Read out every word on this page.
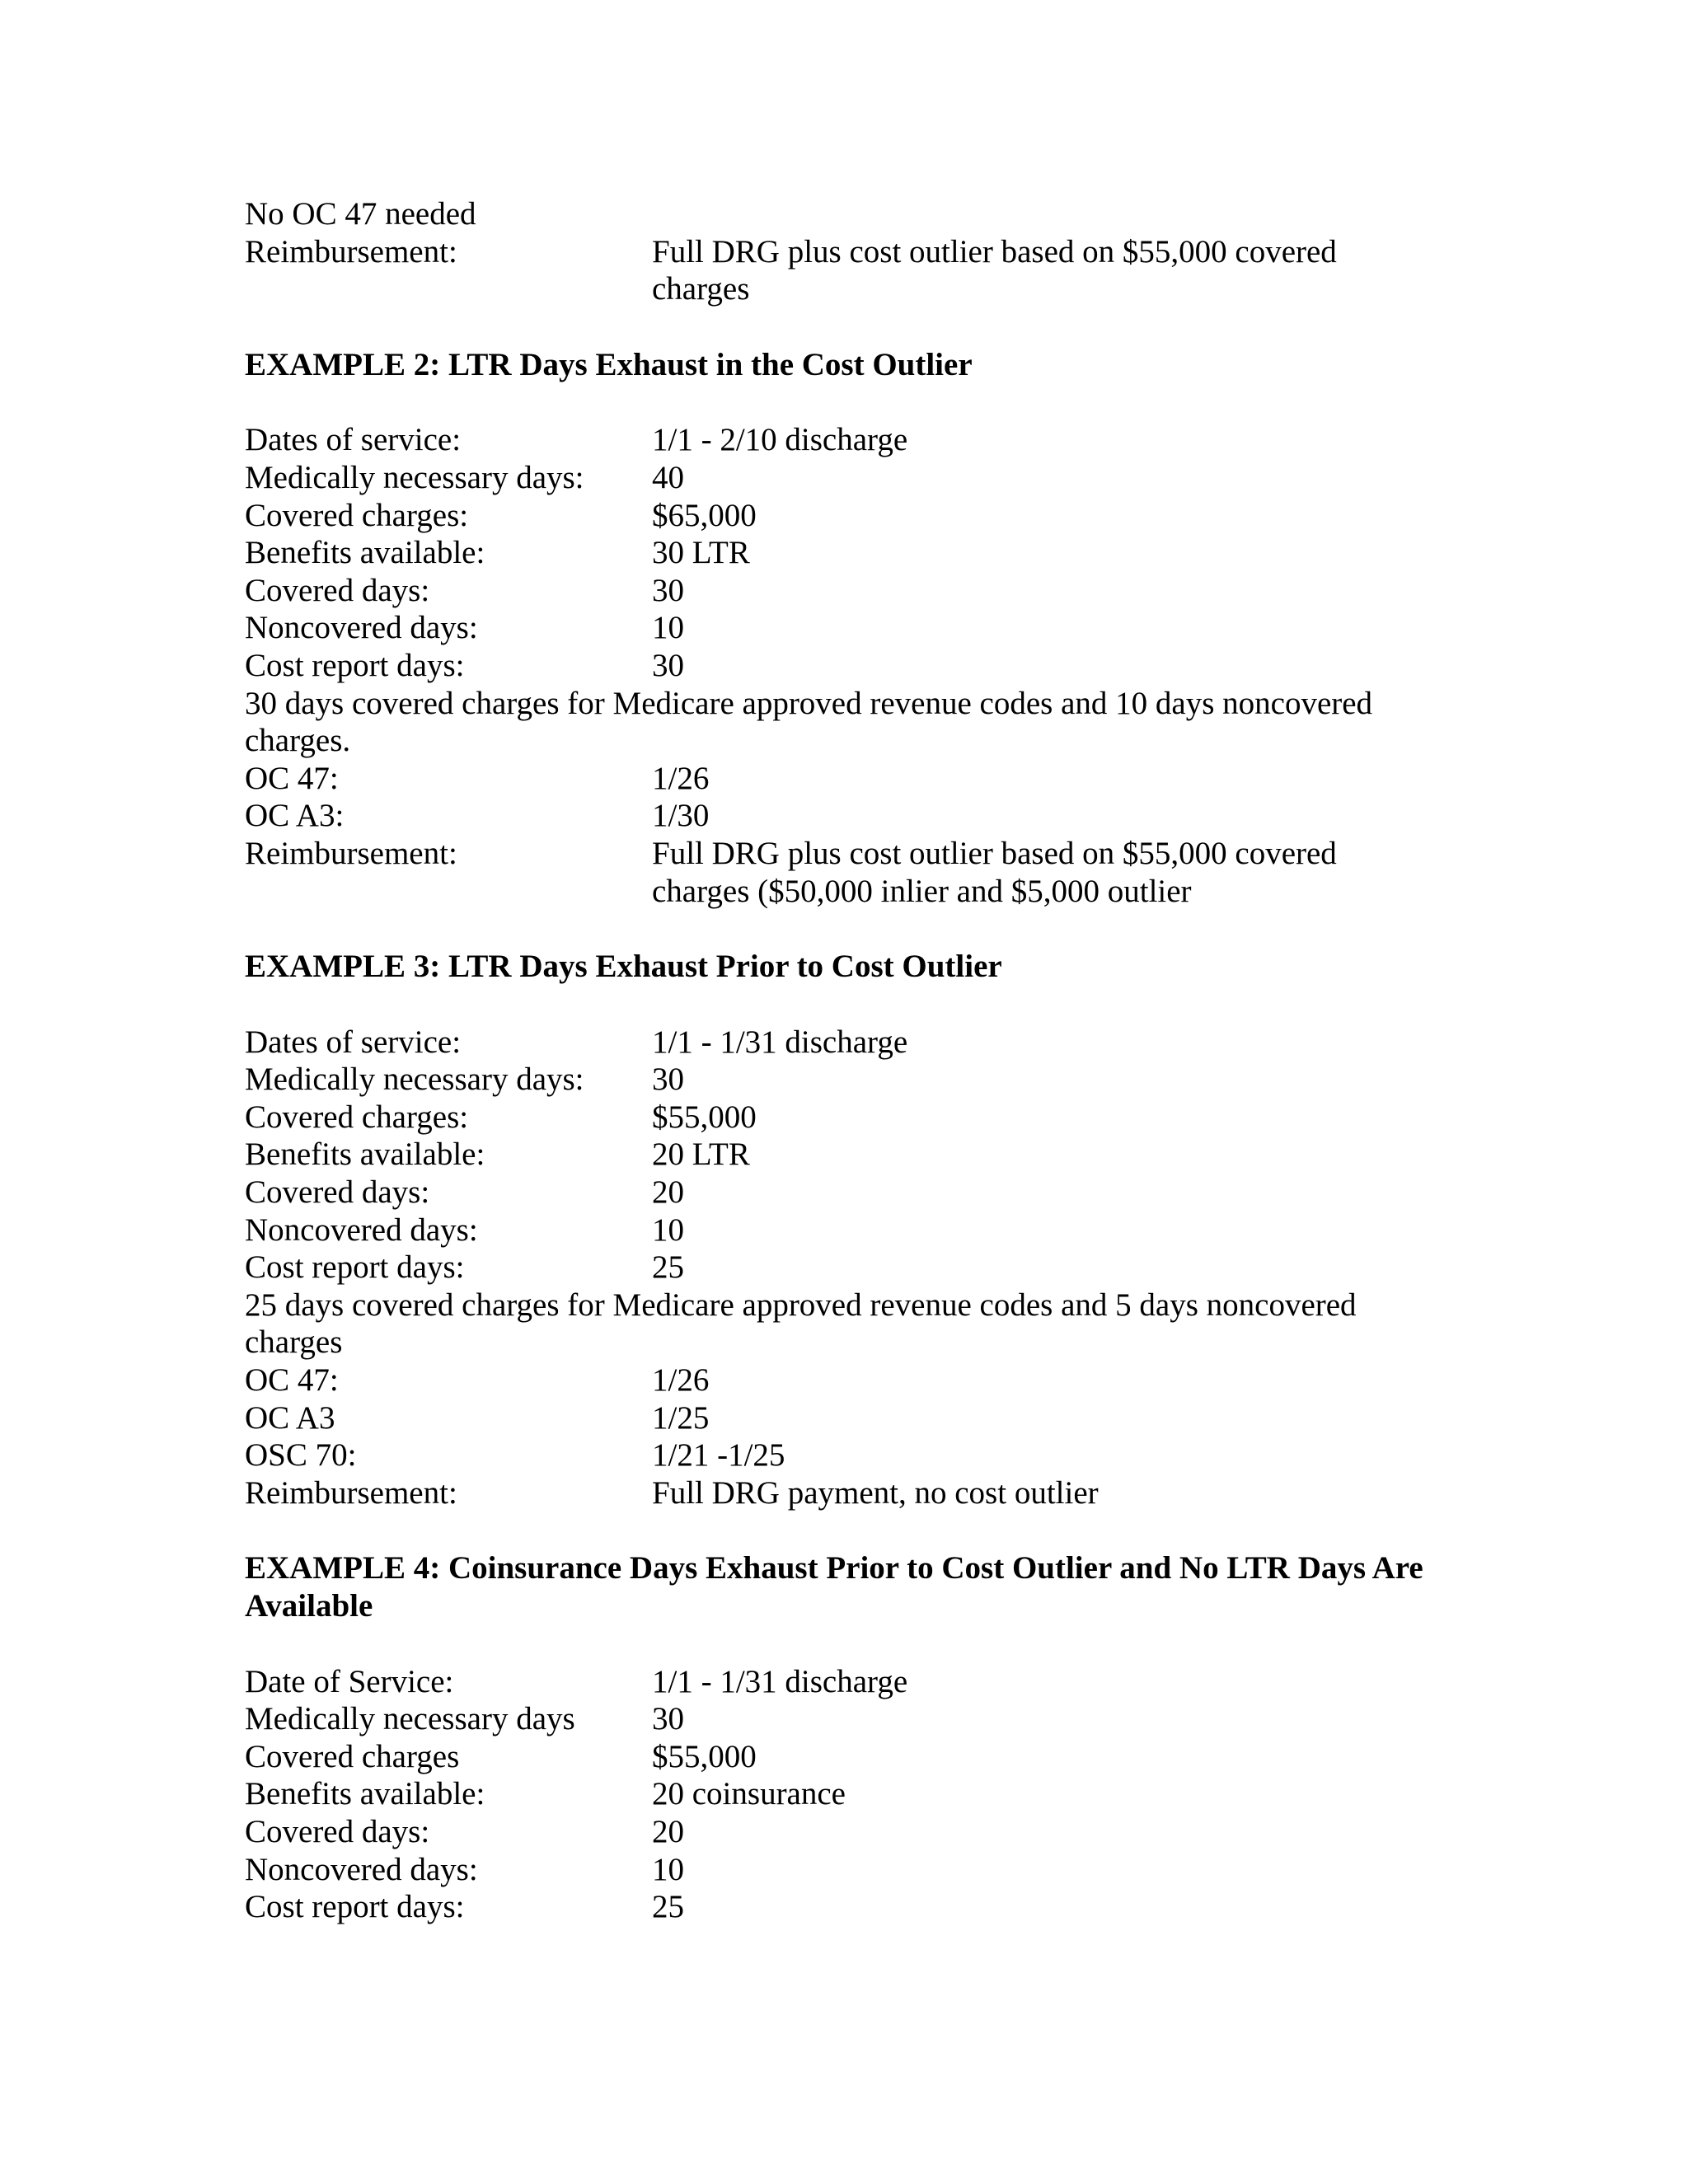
No OC 47 needed
Reimbursement:	Full DRG plus cost outlier based on $55,000 covered charges
EXAMPLE 2: LTR Days Exhaust in the Cost Outlier
Dates of service:	1/1 - 2/10 discharge
Medically necessary days:	40
Covered charges:	$65,000
Benefits available:	30 LTR
Covered days:	30
Noncovered days:	10
Cost report days:	30
30 days covered charges for Medicare approved revenue codes and 10 days noncovered charges.
OC 47:	1/26
OC A3:	1/30
Reimbursement:	Full DRG plus cost outlier based on $55,000 covered charges ($50,000 inlier and $5,000 outlier
EXAMPLE 3: LTR Days Exhaust Prior to Cost Outlier
Dates of service:	1/1 - 1/31 discharge
Medically necessary days:	30
Covered charges:	$55,000
Benefits available:	20 LTR
Covered days:	20
Noncovered days:	10
Cost report days:	25
25 days covered charges for Medicare approved revenue codes and 5 days noncovered charges
OC 47:	1/26
OC A3	1/25
OSC 70:	1/21 -1/25
Reimbursement:	Full DRG payment, no cost outlier
EXAMPLE 4: Coinsurance Days Exhaust Prior to Cost Outlier and No LTR Days Are Available
Date of Service:	1/1 - 1/31 discharge
Medically necessary days	30
Covered charges	$55,000
Benefits available:	20 coinsurance
Covered days:	20
Noncovered days:	10
Cost report days:	25
